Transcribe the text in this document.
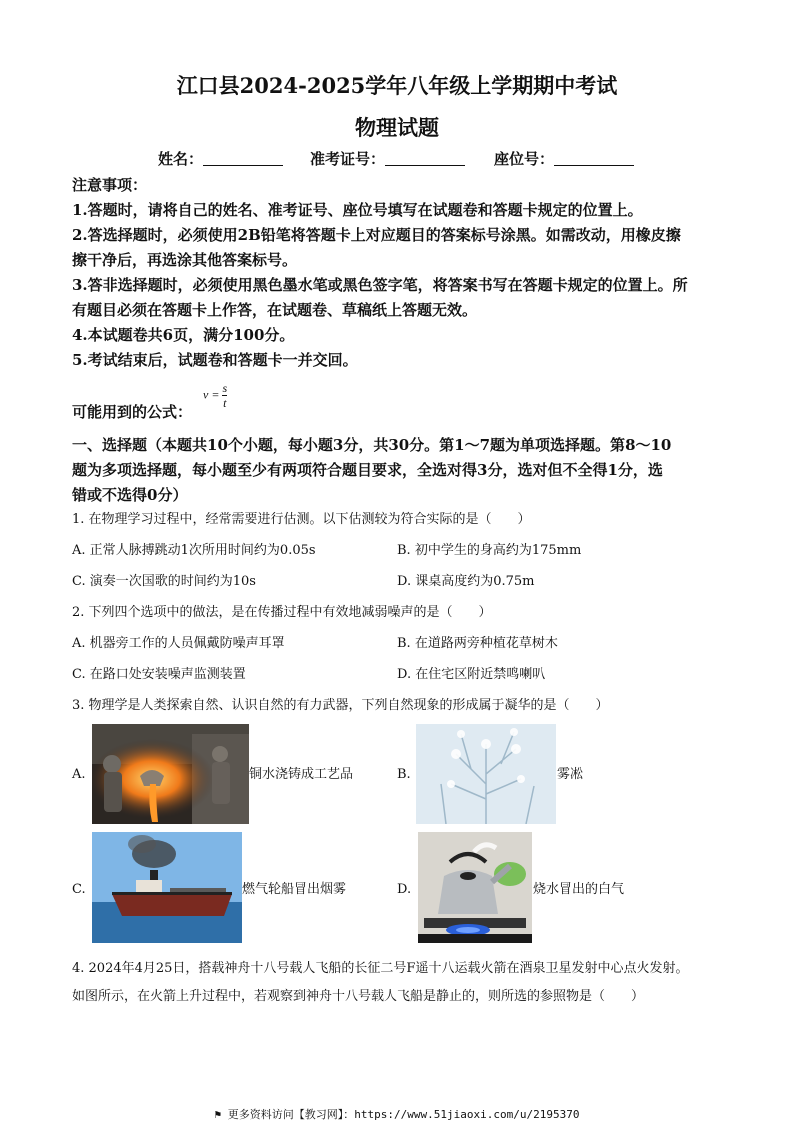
江口县2024-2025学年八年级上学期期中考试
物理试题
姓名：	准考证号：	座位号：
注意事项：
1.答题时，请将自己的姓名、准考证号、座位号填写在试题卷和答题卡规定的位置上。
2.答选择题时，必须使用2B铅笔将答题卡上对应题目的答案标号涂黑。如需改动，用橡皮擦
擦干净后，再选涂其他答案标号。
3.答非选择题时，必须使用黑色墨水笔或黑色签字笔，将答案书写在答题卡规定的位置上。所
有题目必须在答题卡上作答，在试题卷、草稿纸上答题无效。
4.本试题卷共6页，满分100分。
5.考试结束后，试题卷和答题卡一并交回。
可能用到的公式：
$v = \frac{s}{t}$
一、选择题（本题共10个小题，每小题3分，共30分。第1～7题为单项选择题。第8～10
题为多项选择题，每小题至少有两项符合题目要求，全选对得3分，选对但不全得1分，选
错或不选得0分）
1. 在物理学习过程中，经常需要进行估测。以下估测较为符合实际的是（　　）
A. 正常人脉搏跳动1次所用时间约为0.05s	B. 初中学生的身高约为175mm
C. 演奏一次国歌的时间约为10s	D. 课桌高度约为0.75m
2. 下列四个选项中的做法，是在传播过程中有效地减弱噪声的是（　　）
A. 机器旁工作的人员佩戴防噪声耳罩	B. 在道路两旁种植花草树木
C. 在路口处安装噪声监测装置	D. 在住宅区附近禁鸣喇叭
3. 物理学是人类探索自然、认识自然的有力武器，下列自然现象的形成属于凝华的是（　　）
A.	铜水浇铸成工艺品	B.	雾凇
C.	燃气轮船冒出烟雾	D.	烧水冒出的白气
4. 2024年4月25日，搭载神舟十八号载人飞船的长征二号F遥十八运载火箭在酒泉卫星发射中心点火发射。
如图所示，在火箭上升过程中，若观察到神舟十八号载人飞船是静止的，则所选的参照物是（　　）
⚑ 更多资料访问【教习网】：https://www.51jiaoxi.com/u/2195370
